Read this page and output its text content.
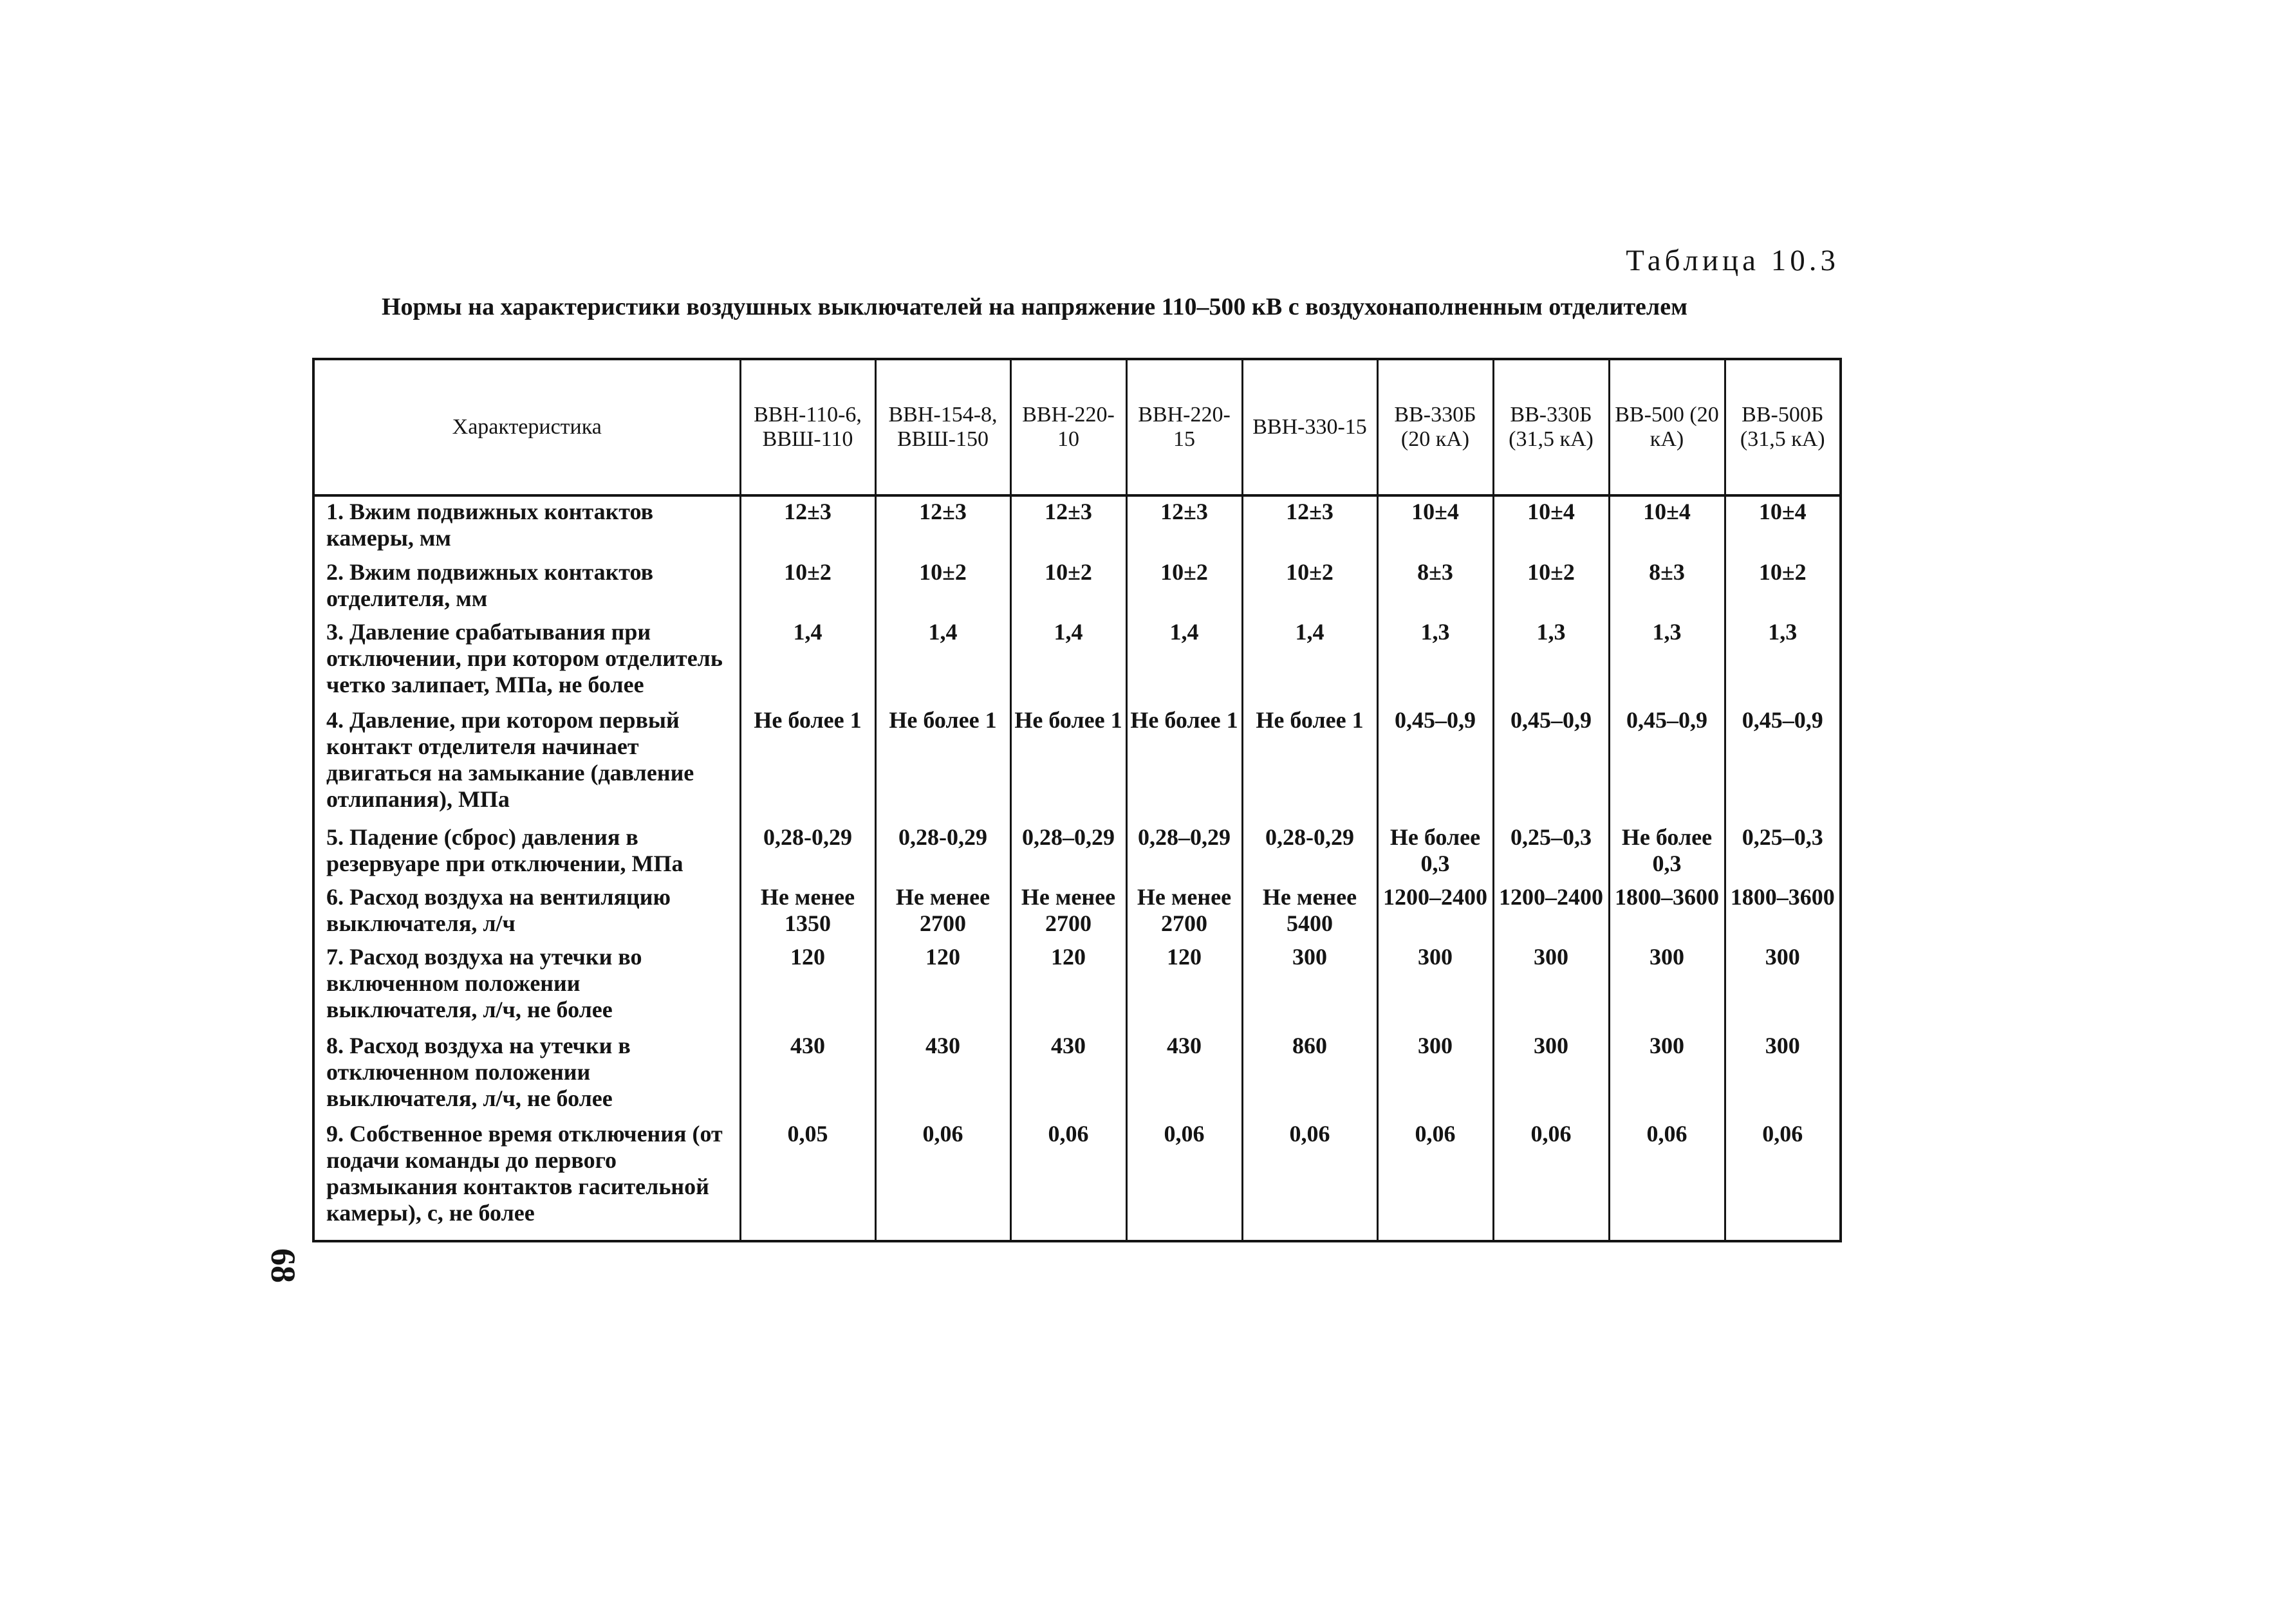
Таблица 10.3
Нормы на характеристики воздушных выключателей на напряжение 110–500 кВ с воздухонаполненным отделителем
Характеристика	ВВН-110-6, ВВШ-110	ВВН-154-8, ВВШ-150	ВВН-220-10	ВВН-220-15	ВВН-330-15	ВВ-330Б (20 кА)	ВВ-330Б (31,5 кА)	ВВ-500 (20 кА)	ВВ-500Б (31,5 кА)
1. Вжим подвижных контактов камеры, мм	12±3	12±3	12±3	12±3	12±3	10±4	10±4	10±4	10±4
2. Вжим подвижных контактов отделителя, мм	10±2	10±2	10±2	10±2	10±2	8±3	10±2	8±3	10±2
3. Давление срабатывания при отключении, при котором отделитель четко залипает, МПа, не более	1,4	1,4	1,4	1,4	1,4	1,3	1,3	1,3	1,3
4. Давление, при котором первый контакт отделителя начинает двигаться на замыкание (давление отлипания), МПа	Не более 1	Не более 1	Не более 1	Не более 1	Не более 1	0,45–0,9	0,45–0,9	0,45–0,9	0,45–0,9
5. Падение (сброс) давления в резервуаре при отключении, МПа	0,28-0,29	0,28-0,29	0,28–0,29	0,28–0,29	0,28-0,29	Не более 0,3	0,25–0,3	Не более 0,3	0,25–0,3
6. Расход воздуха на вентиляцию выключателя, л/ч	Не менее 1350	Не менее 2700	Не менее 2700	Не менее 2700	Не менее 5400	1200–2400	1200–2400	1800–3600	1800–3600
7. Расход воздуха на утечки во включенном положении выключателя, л/ч, не более	120	120	120	120	300	300	300	300	300
8. Расход воздуха на утечки в отключенном положении выключателя, л/ч, не более	430	430	430	430	860	300	300	300	300
9. Собственное время отключения (от подачи команды до первого размыкания контактов гасительной камеры), с, не более	0,05	0,06	0,06	0,06	0,06	0,06	0,06	0,06	0,06
68
